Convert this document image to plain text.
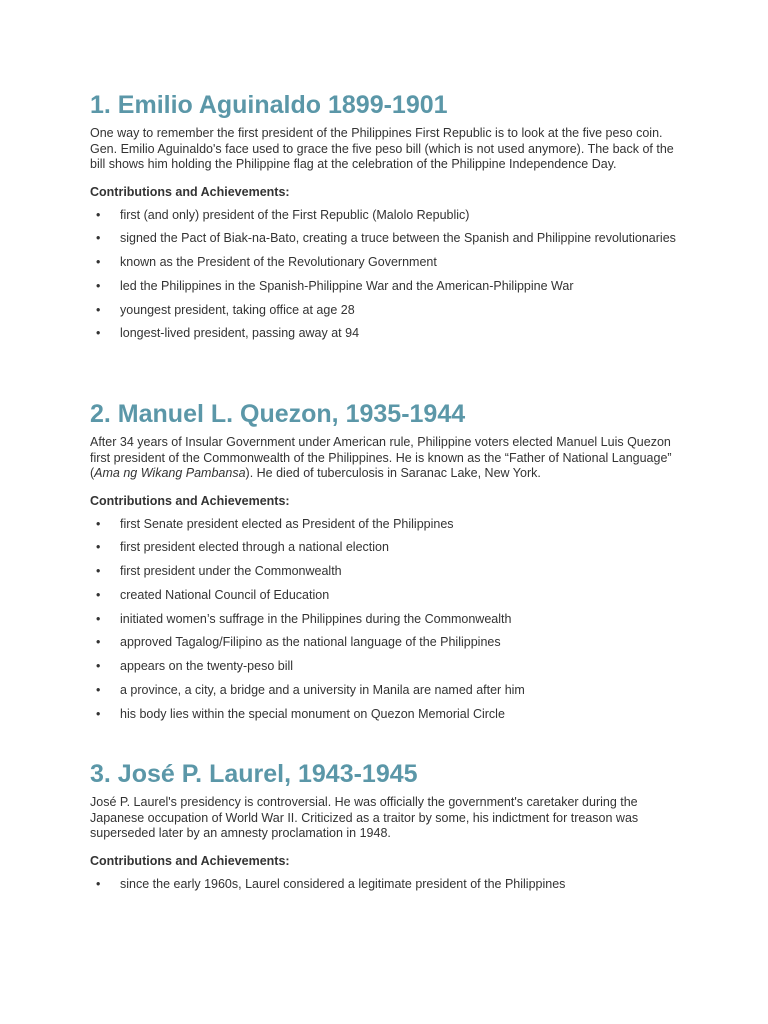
1. Emilio Aguinaldo 1899-1901

One way to remember the first president of the Philippines First Republic is to look at the five peso coin. Gen. Emilio Aguinaldo's face used to grace the five peso bill (which is not used anymore). The back of the bill shows him holding the Philippine flag at the celebration of the Philippine Independence Day.

Contributions and Achievements:
• first (and only) president of the First Republic (Malolo Republic)
• signed the Pact of Biak-na-Bato, creating a truce between the Spanish and Philippine revolutionaries
• known as the President of the Revolutionary Government
• led the Philippines in the Spanish-Philippine War and the American-Philippine War
• youngest president, taking office at age 28
• longest-lived president, passing away at 94
2. Manuel L. Quezon, 1935-1944

After 34 years of Insular Government under American rule, Philippine voters elected Manuel Luis Quezon first president of the Commonwealth of the Philippines. He is known as the “Father of National Language” (Ama ng Wikang Pambansa). He died of tuberculosis in Saranac Lake, New York.

Contributions and Achievements:
• first Senate president elected as President of the Philippines
• first president elected through a national election
• first president under the Commonwealth
• created National Council of Education
• initiated women’s suffrage in the Philippines during the Commonwealth
• approved Tagalog/Filipino as the national language of the Philippines
• appears on the twenty-peso bill
• a province, a city, a bridge and a university in Manila are named after him
• his body lies within the special monument on Quezon Memorial Circle
3. José P. Laurel, 1943-1945

José P. Laurel's presidency is controversial. He was officially the government's caretaker during the Japanese occupation of World War II. Criticized as a traitor by some, his indictment for treason was superseded later by an amnesty proclamation in 1948.

Contributions and Achievements:
• since the early 1960s, Laurel considered a legitimate president of the Philippines
